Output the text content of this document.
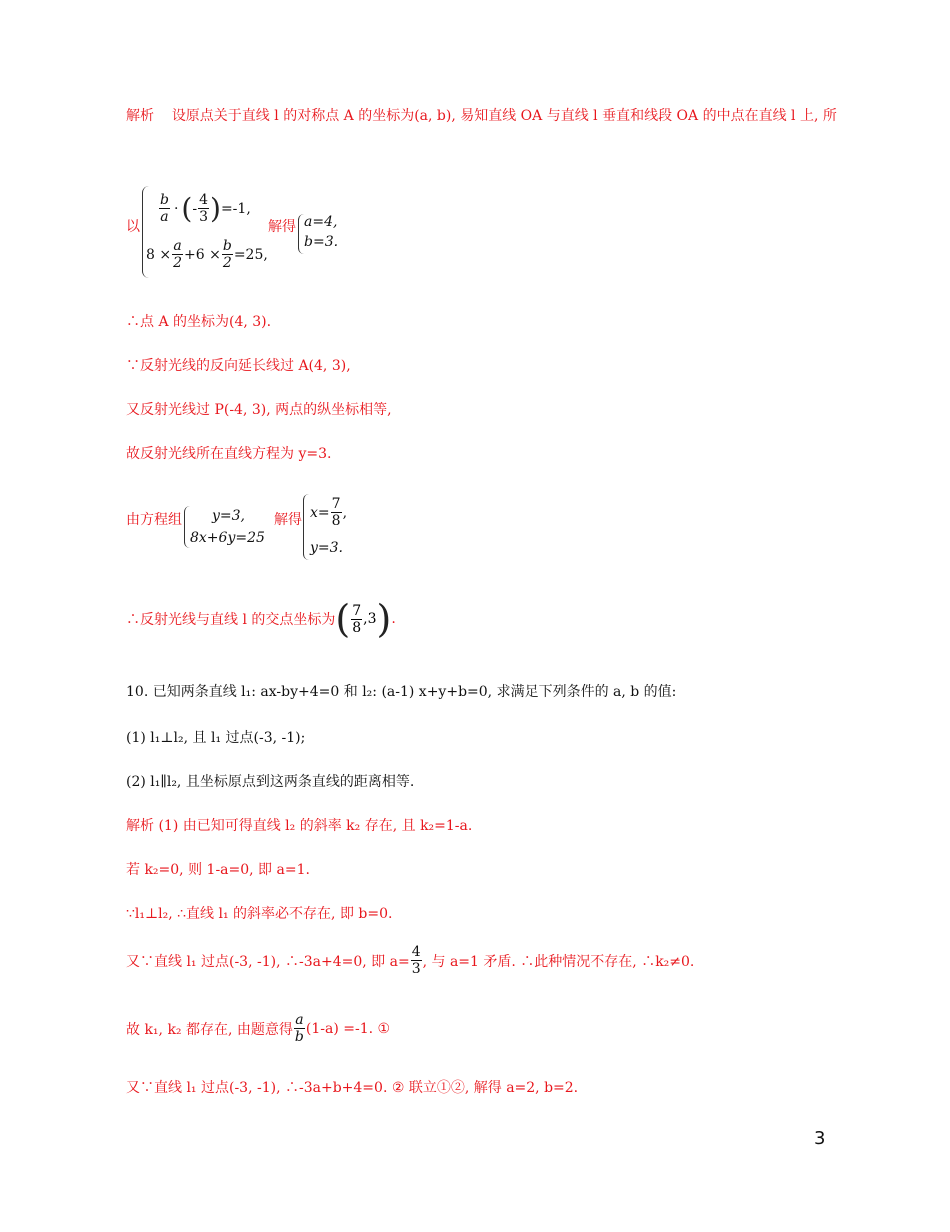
解析 设原点关于直线 l 的对称点 A 的坐标为(a, b), 易知直线 OA 与直线 l 垂直和线段 OA 的中点在直线 l 上, 所
以
$\frac{b}{a}$ · ( - $\frac{4}{3}$ ) =-1,
$8 \times \frac{a}{2} +6 \times \frac{b}{2} =25$,
解得 a=4,
b=3.
∴点 A 的坐标为(4, 3).
∵反射光线的反向延长线过 A(4, 3),
又反射光线过 P(-4, 3), 两点的纵坐标相等,
故反射光线所在直线方程为 y=3.
由方程组 y=3,
8x+6y=25
解得 $x= \frac{7}{8}$ ,
y=3.
∴反射光线与直线 l 的交点坐标为 ( $\frac{7}{8} ,3$ ) .
10. 已知两条直线 l₁: ax-by+4=0 和 l₂: (a-1) x+y+b=0, 求满足下列条件的 a, b 的值:
(1) l₁⊥l₂, 且 l₁ 过点(-3, -1);
(2) l₁∥l₂, 且坐标原点到这两条直线的距离相等.
解析 (1) 由已知可得直线 l₂ 的斜率 k₂ 存在, 且 k₂=1-a.
若 k₂=0, 则 1-a=0, 即 a=1.
∵l₁⊥l₂, ∴直线 l₁ 的斜率必不存在, 即 b=0.
又∵直线 l₁ 过点(-3, -1), ∴-3a+4=0, 即 $a= \frac{4}{3}$ , 与 a=1 矛盾. ∴此种情况不存在, ∴k₂≠0.
故 k₁, k₂ 都存在, 由题意得 $\frac{a}{b} (1-a) =-1$. ①
又∵直线 l₁ 过点(-3, -1), ∴-3a+b+4=0. ② 联立①②, 解得 a=2, b=2.
3
